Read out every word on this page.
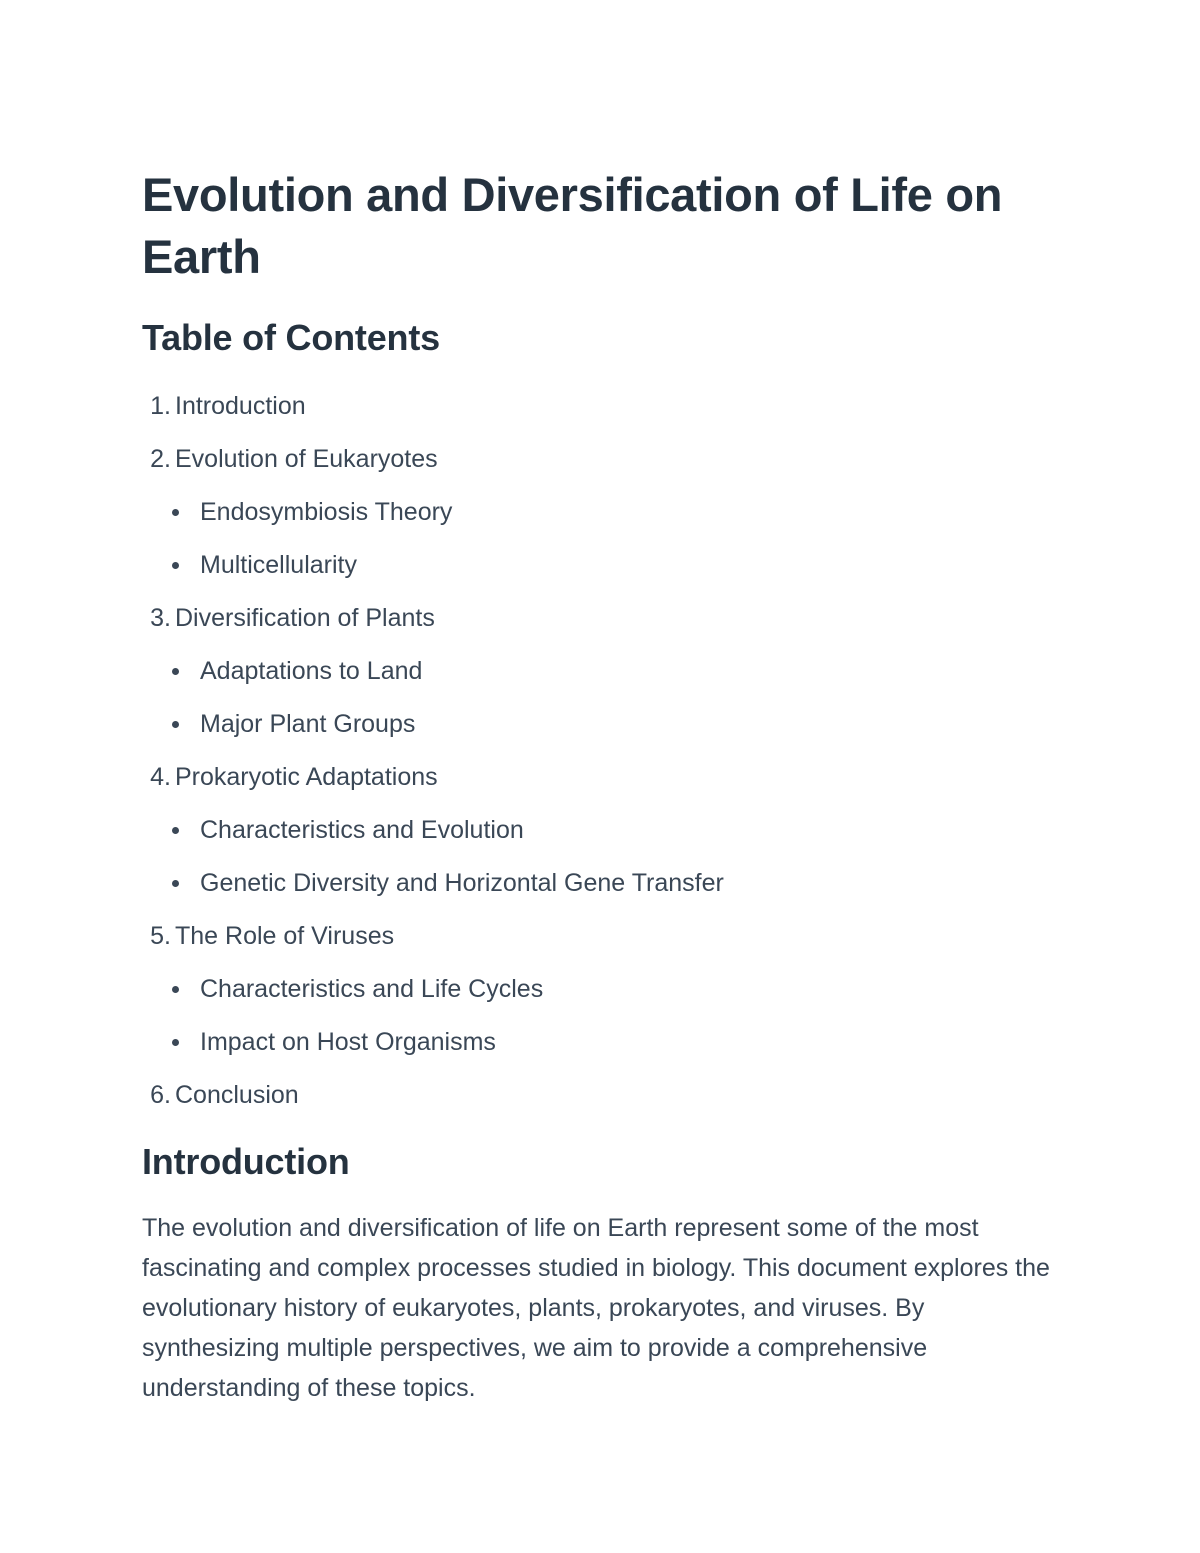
Evolution and Diversification of Life on Earth
Table of Contents
1. Introduction
2. Evolution of Eukaryotes
Endosymbiosis Theory
Multicellularity
3. Diversification of Plants
Adaptations to Land
Major Plant Groups
4. Prokaryotic Adaptations
Characteristics and Evolution
Genetic Diversity and Horizontal Gene Transfer
5. The Role of Viruses
Characteristics and Life Cycles
Impact on Host Organisms
6. Conclusion
Introduction

The evolution and diversification of life on Earth represent some of the most fascinating and complex processes studied in biology. This document explores the evolutionary history of eukaryotes, plants, prokaryotes, and viruses. By synthesizing multiple perspectives, we aim to provide a comprehensive understanding of these topics.
